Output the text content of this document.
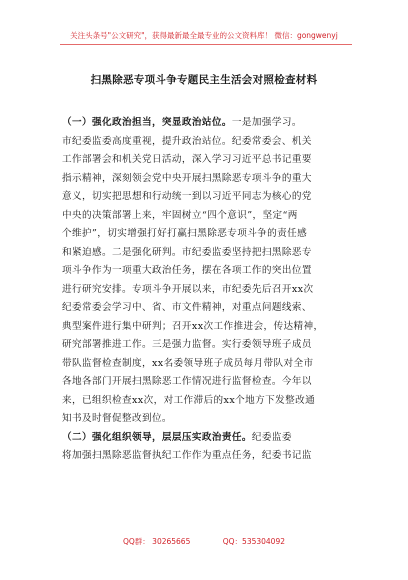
关注头条号"公文研究"，获得最新最全最专业的公文资料库！ 微信：gongwenyj
扫黑除恶专项斗争专题民主生活会对照检查材料
（一）强化政治担当，突显政治站位。一是加强学习。
市纪委监委高度重视，提升政治站位。纪委常委会、机关
工作部署会和机关党日活动，深入学习习近平总书记重要
指示精神，深刻领会党中央开展扫黑除恶专项斗争的重大
意义，切实把思想和行动统一到以习近平同志为核心的党
中央的决策部署上来，牢固树立“四个意识”，坚定“两
个维护”，切实增强打好打赢扫黑除恶专项斗争的责任感
和紧迫感。二是强化研判。市纪委监委坚持把扫黑除恶专
项斗争作为一项重大政治任务，摆在各项工作的突出位置
进行研究安排。专项斗争开展以来，市纪委先后召开xx次
纪委常委会学习中、省、市文件精神，对重点问题线索、
典型案件进行集中研判；召开xx次工作推进会，传达精神，
研究部署推进工作。三是强力监督。实行委领导班子成员
带队监督检查制度，xx名委领导班子成员每月带队对全市
各地各部门开展扫黑除恶工作情况进行监督检查。今年以
来，已组织检查xx次，对工作滞后的xx个地方下发整改通
知书及时督促整改到位。
（二）强化组织领导，层层压实政治责任。纪委监委
将加强扫黑除恶监督执纪工作作为重点任务，纪委书记监
QQ群： 30265665	QQ：535304092
